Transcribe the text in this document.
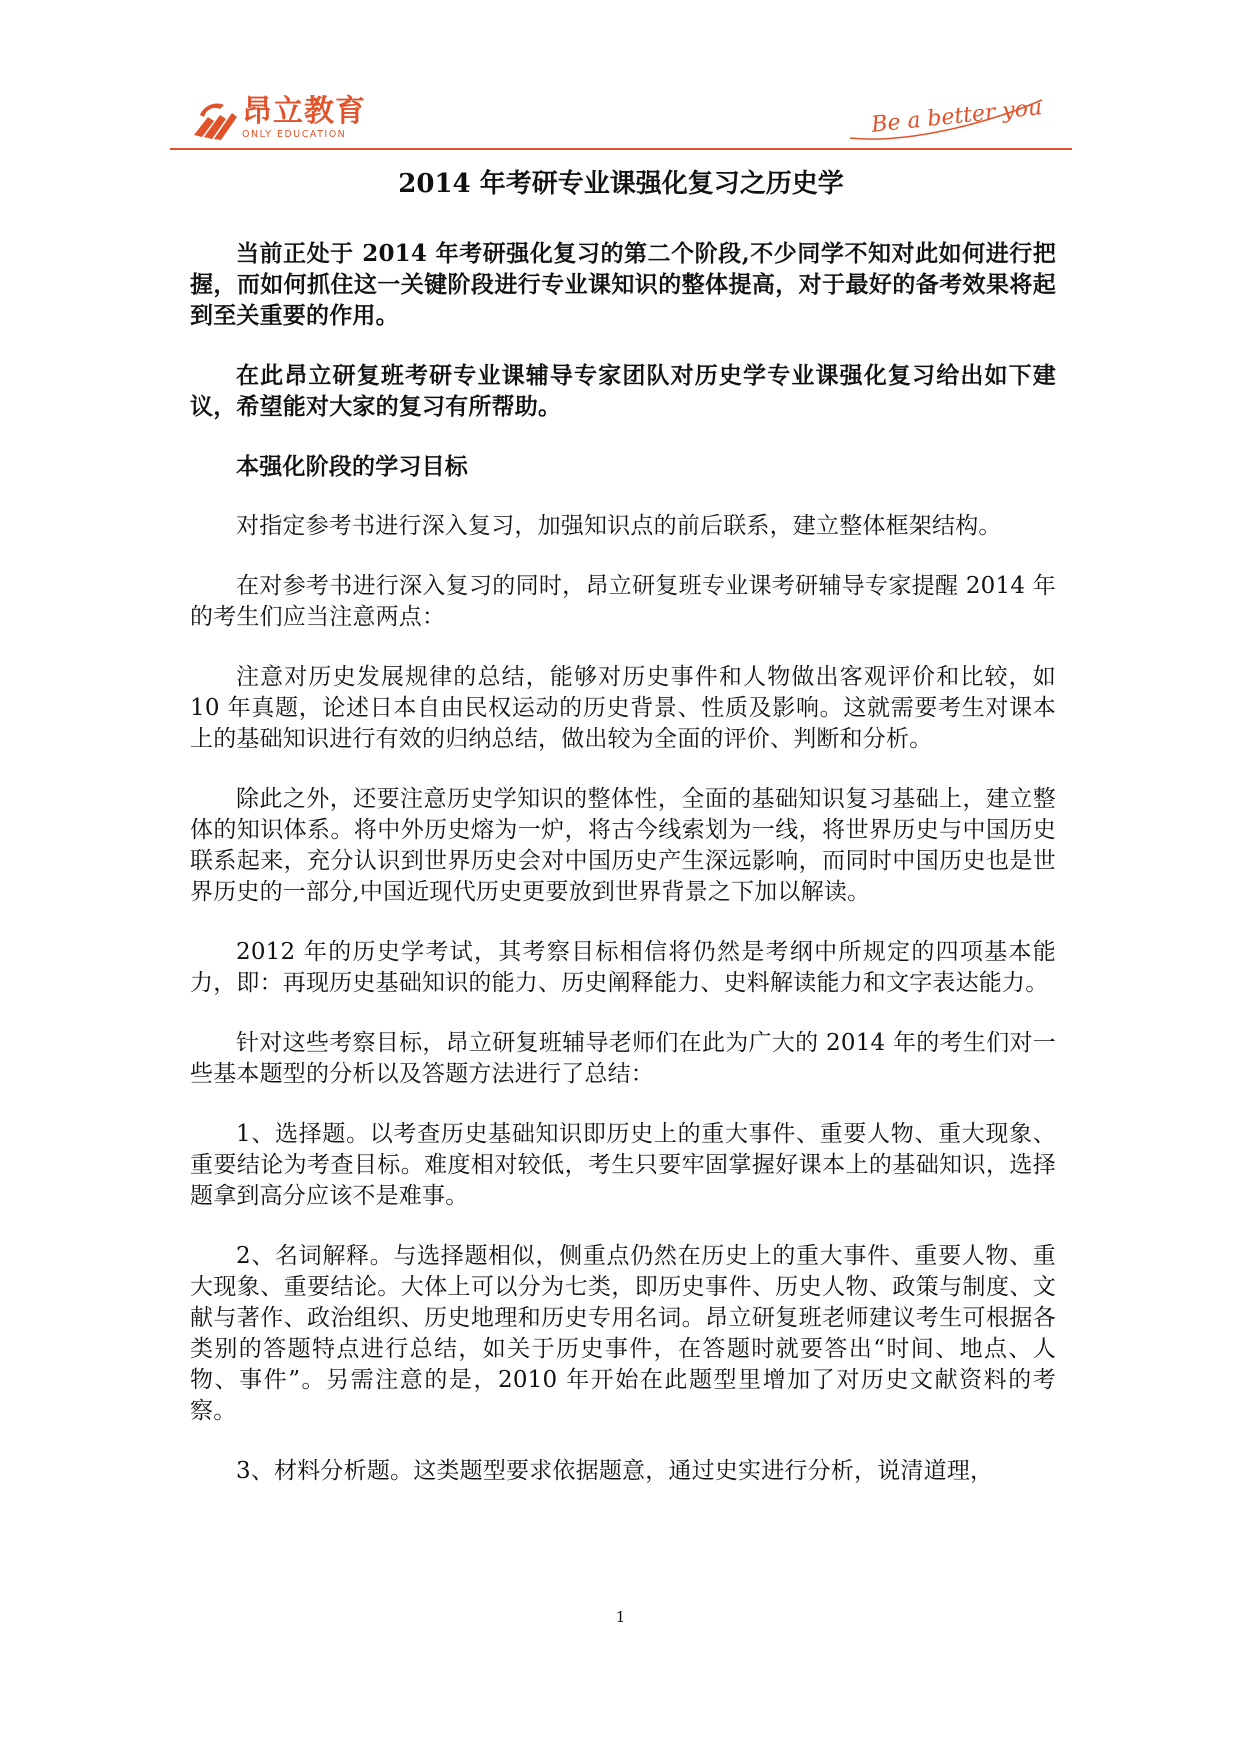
昂立教育
ONLY EDUCATION	Be a better you
2014 年考研专业课强化复习之历史学

当前正处于 2014 年考研强化复习的第二个阶段,不少同学不知对此如何进行把握，而如何抓住这一关键阶段进行专业课知识的整体提高，对于最好的备考效果将起到至关重要的作用。

在此昂立研复班考研专业课辅导专家团队对历史学专业课强化复习给出如下建议，希望能对大家的复习有所帮助。

本强化阶段的学习目标

对指定参考书进行深入复习，加强知识点的前后联系，建立整体框架结构。

在对参考书进行深入复习的同时，昂立研复班专业课考研辅导专家提醒 2014 年的考生们应当注意两点：

注意对历史发展规律的总结，能够对历史事件和人物做出客观评价和比较，如 10 年真题，论述日本自由民权运动的历史背景、性质及影响。这就需要考生对课本上的基础知识进行有效的归纳总结，做出较为全面的评价、判断和分析。

除此之外，还要注意历史学知识的整体性，全面的基础知识复习基础上，建立整体的知识体系。将中外历史熔为一炉，将古今线索划为一线，将世界历史与中国历史联系起来，充分认识到世界历史会对中国历史产生深远影响，而同时中国历史也是世界历史的一部分,中国近现代历史更要放到世界背景之下加以解读。

2012 年的历史学考试，其考察目标相信将仍然是考纲中所规定的四项基本能力，即：再现历史基础知识的能力、历史阐释能力、史料解读能力和文字表达能力。

针对这些考察目标，昂立研复班辅导老师们在此为广大的 2014 年的考生们对一些基本题型的分析以及答题方法进行了总结：

1、选择题。以考查历史基础知识即历史上的重大事件、重要人物、重大现象、重要结论为考查目标。难度相对较低，考生只要牢固掌握好课本上的基础知识，选择题拿到高分应该不是难事。

2、名词解释。与选择题相似，侧重点仍然在历史上的重大事件、重要人物、重大现象、重要结论。大体上可以分为七类，即历史事件、历史人物、政策与制度、文献与著作、政治组织、历史地理和历史专用名词。昂立研复班老师建议考生可根据各类别的答题特点进行总结，如关于历史事件，在答题时就要答出“时间、地点、人物、事件”。另需注意的是，2010 年开始在此题型里增加了对历史文献资料的考察。

3、材料分析题。这类题型要求依据题意，通过史实进行分析，说清道理，

1
